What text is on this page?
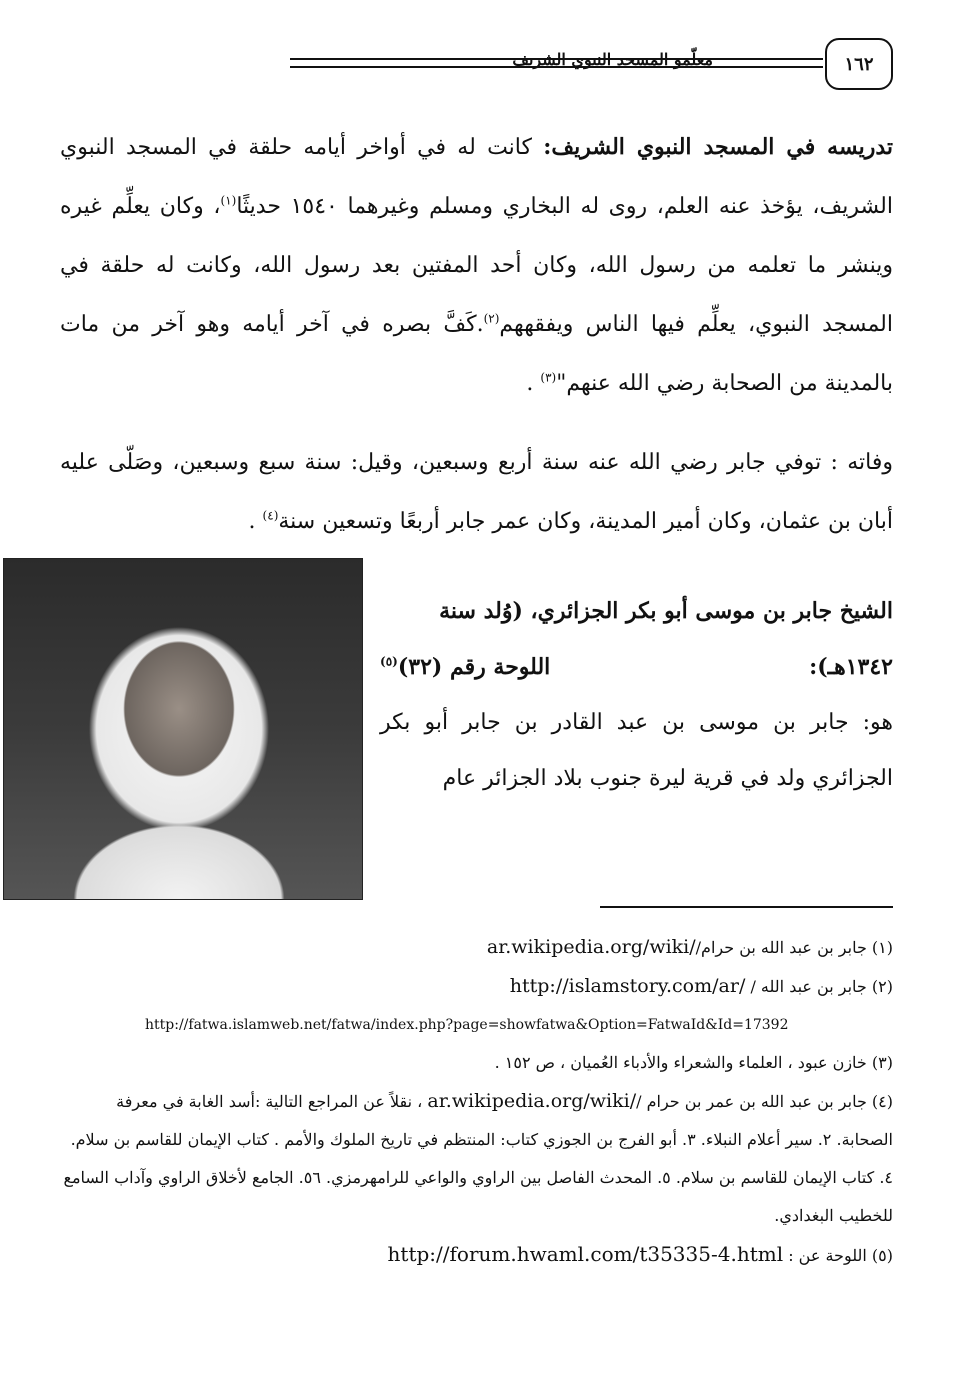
١٦٢
معلّمو المسجد النبوي الشريف
تدريسه في المسجد النبوي الشريف: كانت له في أواخر أيامه حلقة في المسجد النبوي الشريف، يؤخذ عنه العلم، روى له البخاري ومسلم وغيرهما ١٥٤٠ حديثًا$^{(١)}$، وكان يعلِّم غيره وينشر ما تعلمه من رسول الله، وكان أحد المفتين بعد رسول الله، وكانت له حلقة في المسجد النبوي، يعلِّم فيها الناس ويفقههم$^{(٢)}$.كَفَّ بصره في آخر أيامه وهو آخر من مات بالمدينة من الصحابة رضي الله عنهم"$^{(٣)}$ .
وفاته : توفي جابر رضي الله عنه سنة أربع وسبعين، وقيل: سنة سبع وسبعين، وصَلّى عليه أبان بن عثمان، وكان أمير المدينة، وكان عمر جابر أربعًا وتسعين سنة$^{(٤)}$ .
الشيخ جابر بن موسى أبو بكر الجزائري، (وُلد سنة
١٣٤٢هـ):
اللوحة رقم (٣٢)$^{(٥)}$
هو: جابر بن موسى بن عبد القادر بن جابر أبو بكر الجزائري ولد في قرية ليرة جنوب بلاد الجزائر عام

(١) جابر بن عبد الله بن حرام/ar.wikipedia.org/wiki/

(٢) جابر بن عبد الله / http://islamstory.com/ar/

http://fatwa.islamweb.net/fatwa/index.php?page=showfatwa&Option=FatwaId&Id=17392

(٣) خازن عبود ، العلماء والشعراء والأدباء العُميان ، ص ١٥٢ .

(٤) جابر بن عبد الله بن عمر بن حرام /ar.wikipedia.org/wiki/ ، نقلاً عن المراجع التالية :أسد الغابة في معرفة الصحابة. ٢. سير أعلام النبلاء. ٣. أبو الفرج بن الجوزي كتاب: المنتظم في تاريخ الملوك والأمم . كتاب الإيمان للقاسم بن سلام. ٤. كتاب الإيمان للقاسم بن سلام. ٥. المحدث الفاصل بين الراوي والواعي للرامهرمزي. ٥٦. الجامع لأخلاق الراوي وآداب السامع للخطيب البغدادي.

(٥) اللوحة عن : http://forum.hwaml.com/t35335-4.html
